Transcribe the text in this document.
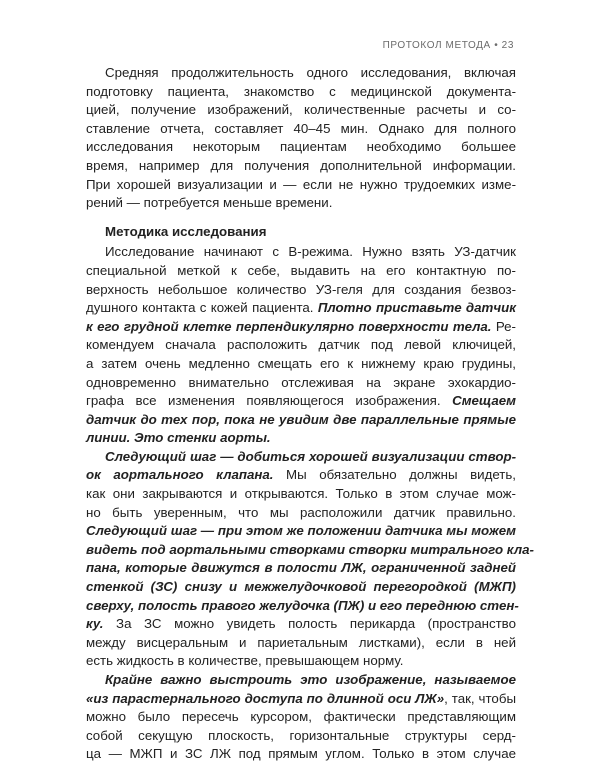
ПРОТОКОЛ МЕТОДА • 23

Средняя продолжительность одного исследования, включая
подготовку пациента, знакомство с медицинской документа-
цией, получение изображений, количественные расчеты и со-
ставление отчета, составляет 40–45 мин. Однако для полного
исследования некоторым пациентам необходимо большее
время, например для получения дополнительной информации.
При хорошей визуализации и — если не нужно трудоемких изме-
рений — потребуется меньше времени.

Методика исследования

Исследование начинают с B-режима. Нужно взять УЗ-датчик
специальной меткой к себе, выдавить на его контактную по-
верхность небольшое количество УЗ-геля для создания безвоз-
душного контакта с кожей пациента. Плотно приставьте датчик
к его грудной клетке перпендикулярно поверхности тела. Ре-
комендуем сначала расположить датчик под левой ключицей,
а затем очень медленно смещать его к нижнему краю грудины,
одновременно внимательно отслеживая на экране эхокардио-
графа все изменения появляющегося изображения. Смещаем
датчик до тех пор, пока не увидим две параллельные прямые
линии. Это стенки аорты.

Следующий шаг — добиться хорошей визуализации створ-
ок аортального клапана. Мы обязательно должны видеть,
как они закрываются и открываются. Только в этом случае мож-
но быть уверенным, что мы расположили датчик правильно.
Следующий шаг — при этом же положении датчика мы можем
видеть под аортальными створками створки митрального кла-
пана, которые движутся в полости ЛЖ, ограниченной задней
стенкой (ЗС) снизу и межжелудочковой перегородкой (МЖП)
сверху, полость правого желудочка (ПЖ) и его переднюю стен-
ку. За ЗС можно увидеть полость перикарда (пространство
между висцеральным и париетальным листками), если в ней
есть жидкость в количестве, превышающем норму.

Крайне важно выстроить это изображение, называемое
«из парастернального доступа по длинной оси ЛЖ», так, чтобы
можно было пересечь курсором, фактически представляющим
собой секущую плоскость, горизонтальные структуры серд-
ца — МЖП и ЗС ЛЖ под прямым углом. Только в этом случае
